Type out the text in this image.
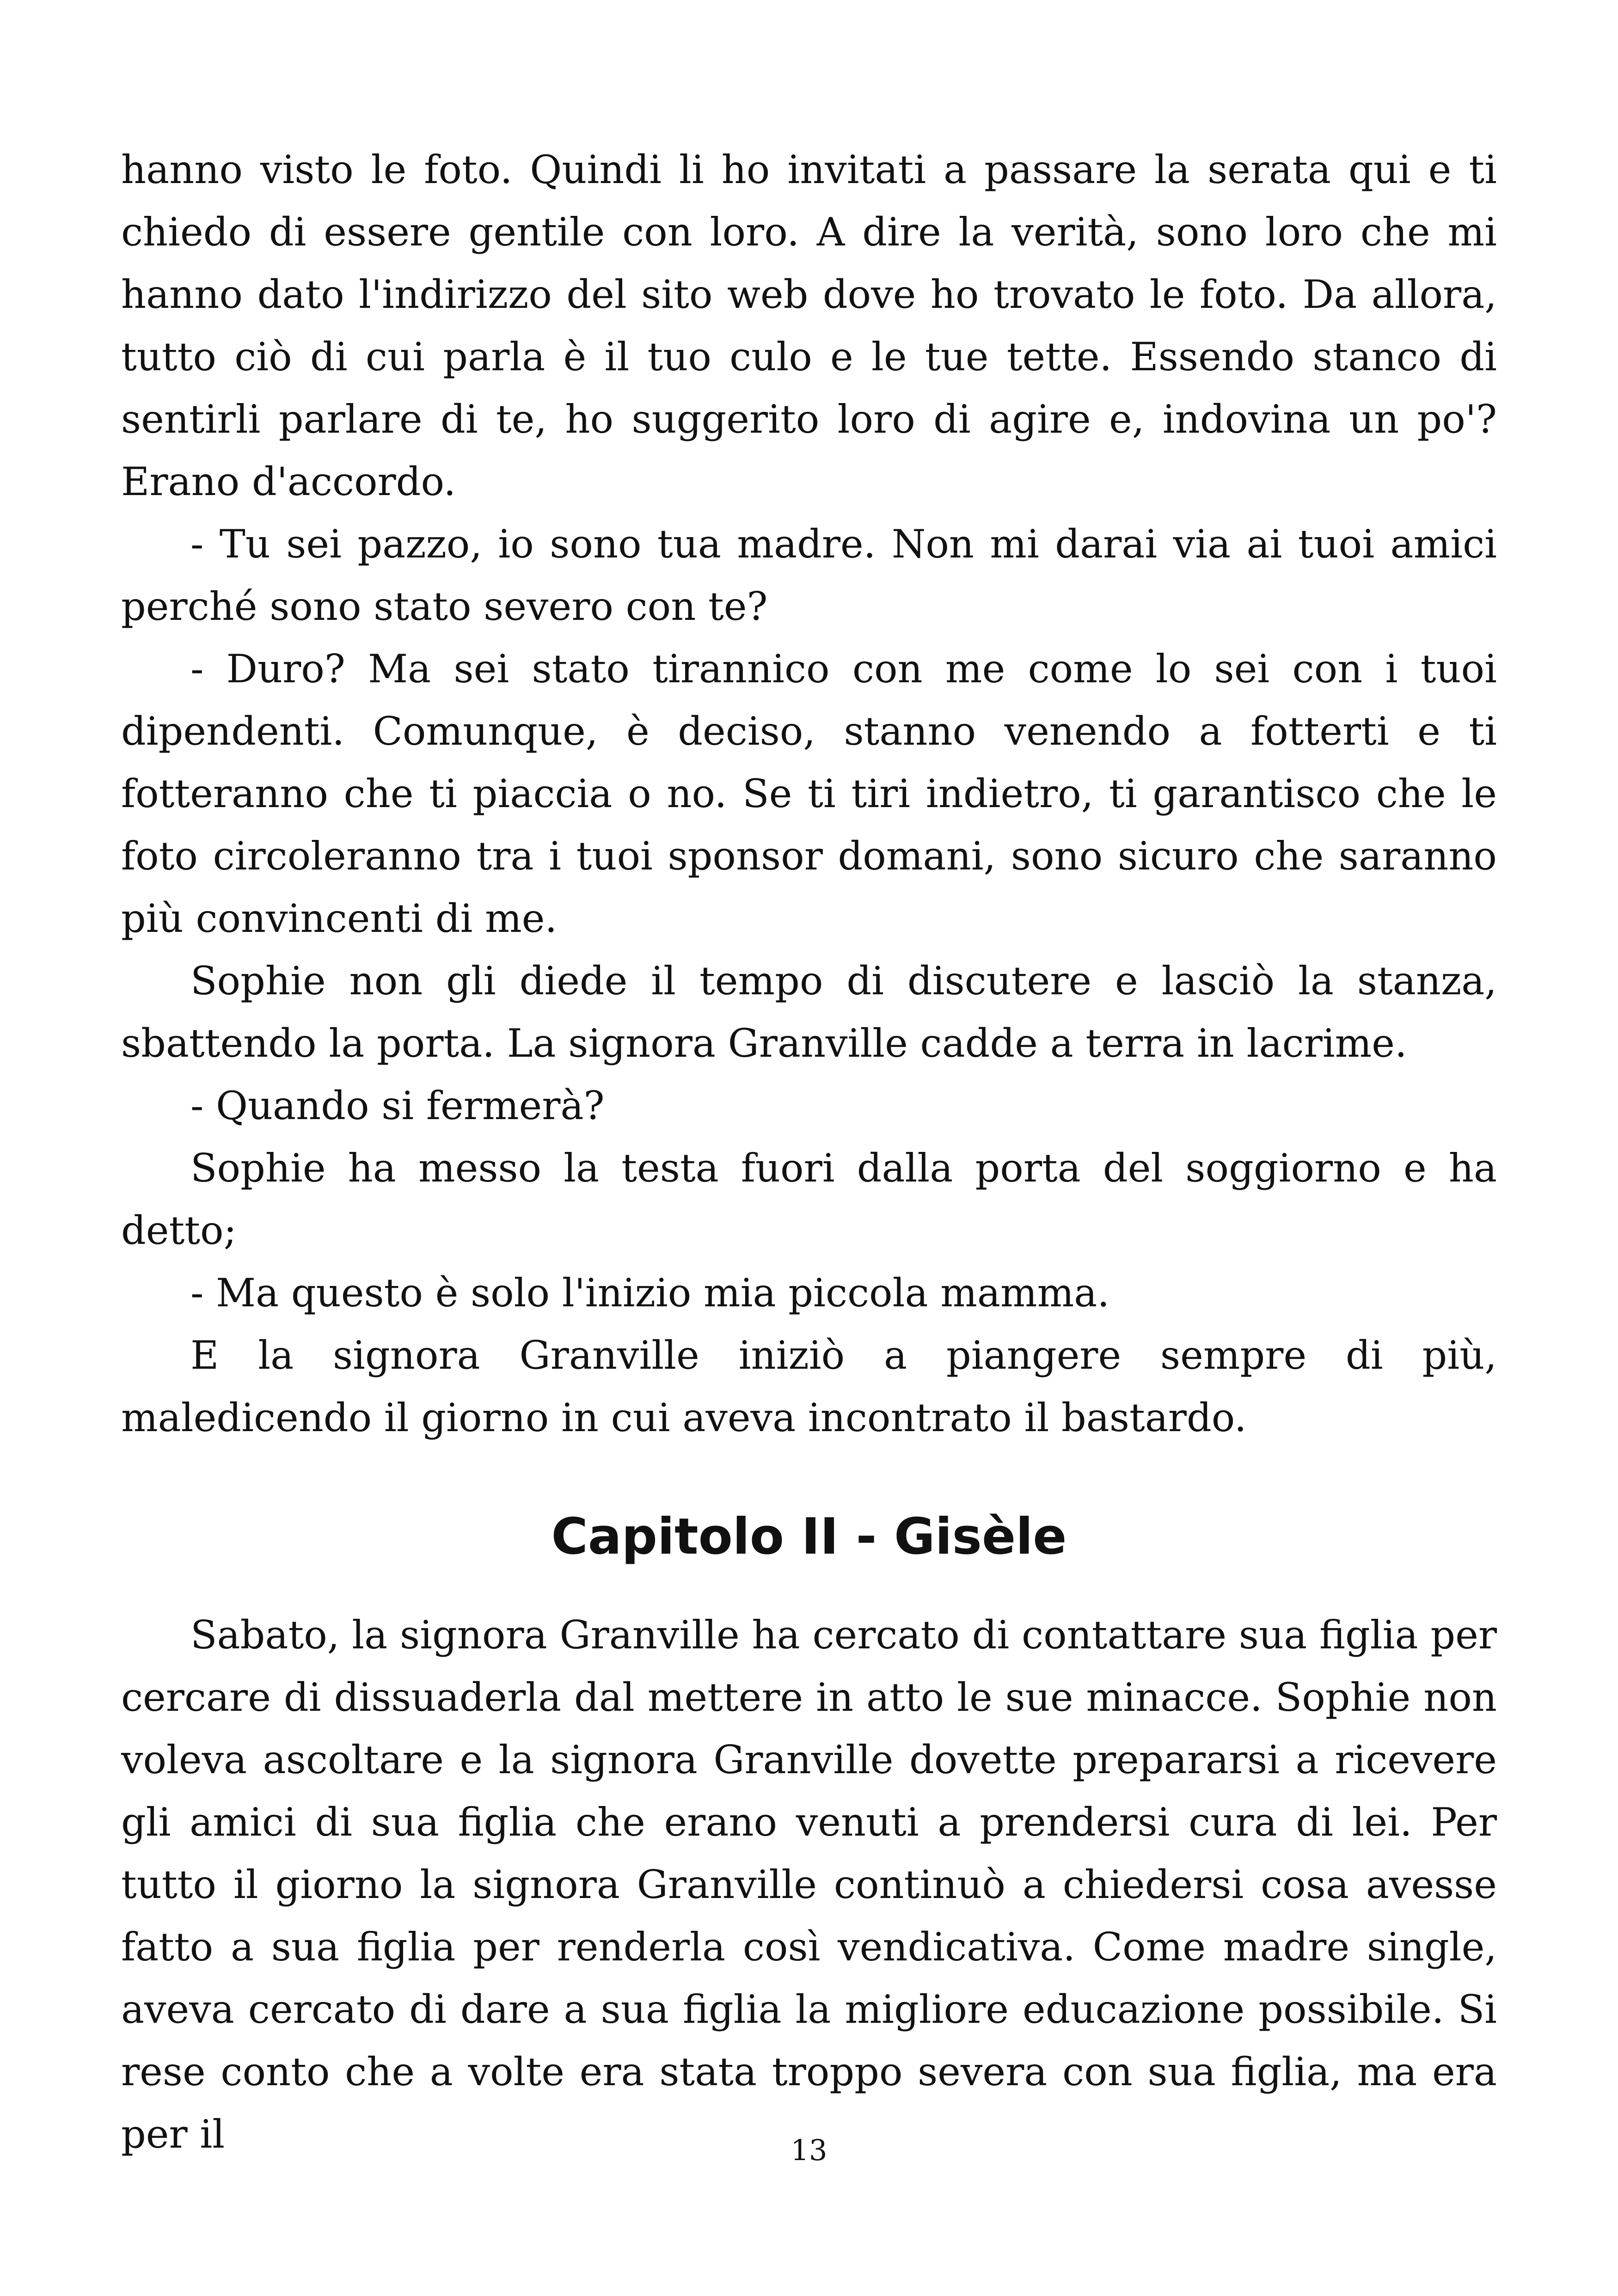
hanno visto le foto. Quindi li ho invitati a passare la serata qui e ti chiedo di essere gentile con loro. A dire la verità, sono loro che mi hanno dato l'indirizzo del sito web dove ho trovato le foto. Da allora, tutto ciò di cui parla è il tuo culo e le tue tette. Essendo stanco di sentirli parlare di te, ho suggerito loro di agire e, indovina un po'? Erano d'accordo.

- Tu sei pazzo, io sono tua madre. Non mi darai via ai tuoi amici perché sono stato severo con te?

- Duro? Ma sei stato tirannico con me come lo sei con i tuoi dipendenti. Comunque, è deciso, stanno venendo a fotterti e ti fotteranno che ti piaccia o no. Se ti tiri indietro, ti garantisco che le foto circoleranno tra i tuoi sponsor domani, sono sicuro che saranno più convincenti di me.

Sophie non gli diede il tempo di discutere e lasciò la stanza, sbattendo la porta. La signora Granville cadde a terra in lacrime.

- Quando si fermerà?

Sophie ha messo la testa fuori dalla porta del soggiorno e ha detto;

- Ma questo è solo l'inizio mia piccola mamma.

E la signora Granville iniziò a piangere sempre di più, maledicendo il giorno in cui aveva incontrato il bastardo.

Capitolo II - Gisèle

Sabato, la signora Granville ha cercato di contattare sua figlia per cercare di dissuaderla dal mettere in atto le sue minacce. Sophie non voleva ascoltare e la signora Granville dovette prepararsi a ricevere gli amici di sua figlia che erano venuti a prendersi cura di lei. Per tutto il giorno la signora Granville continuò a chiedersi cosa avesse fatto a sua figlia per renderla così vendicativa. Come madre single, aveva cercato di dare a sua figlia la migliore educazione possibile. Si rese conto che a volte era stata troppo severa con sua figlia, ma era per il	13
